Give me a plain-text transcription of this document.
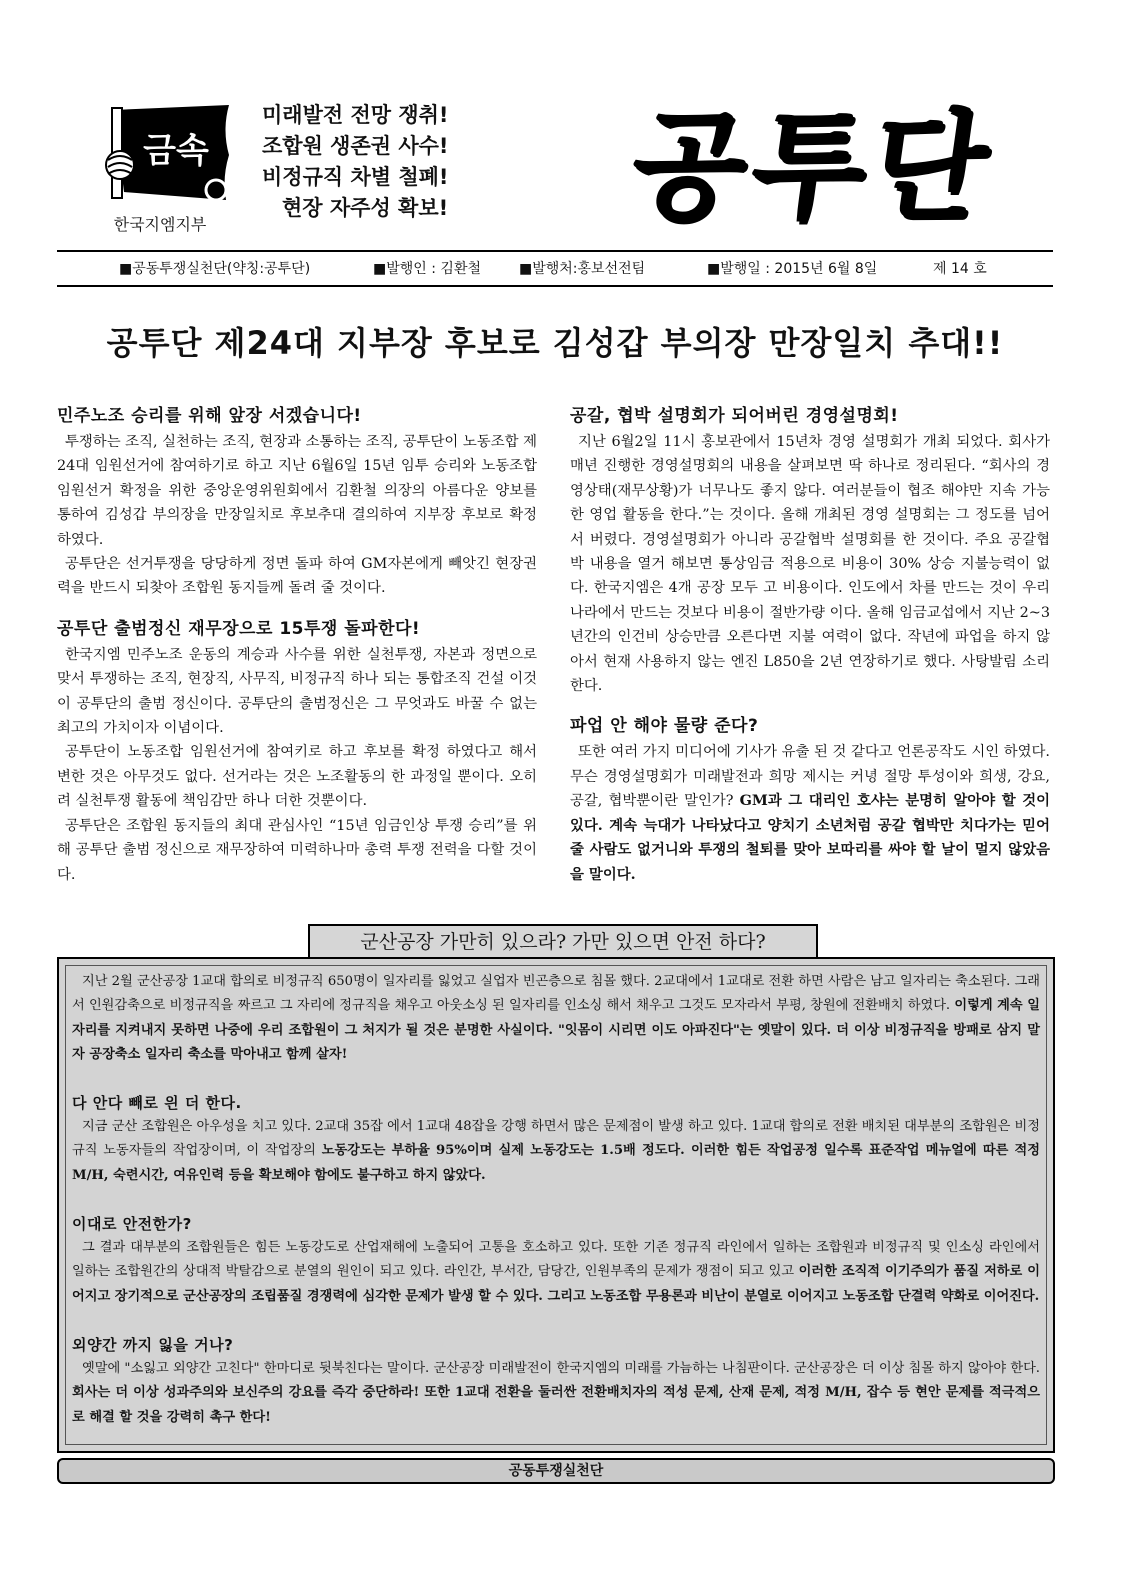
금속
한국지엠지부
미래발전 전망 쟁취!
조합원 생존권 사수!
비정규직 차별 철폐!
현장 자주성 확보!	공투단
■공동투쟁실천단(약칭:공투단)	■발행인 : 김환철	■발행처:홍보선전팀	■발행일 : 2015년 6월 8일	제 14 호
공투단 제24대 지부장 후보로 김성갑 부의장 만장일치 추대!!
민주노조 승리를 위해 앞장 서겠습니다!

투쟁하는 조직, 실천하는 조직, 현장과 소통하는 조직, 공투단이 노동조합 제24대 임원선거에 참여하기로 하고 지난 6월6일 15년 임투 승리와 노동조합 임원선거 확정을 위한 중앙운영위원회에서 김환철 의장의 아름다운 양보를 통하여 김성갑 부의장을 만장일치로 후보추대 결의하여 지부장 후보로 확정 하였다.

공투단은 선거투쟁을 당당하게 정면 돌파 하여 GM자본에게 빼앗긴 현장권력을 반드시 되찾아 조합원 동지들께 돌려 줄 것이다.

공투단 출범정신 재무장으로 15투쟁 돌파한다!

한국지엠 민주노조 운동의 계승과 사수를 위한 실천투쟁, 자본과 정면으로 맞서 투쟁하는 조직, 현장직, 사무직, 비정규직 하나 되는 통합조직 건설 이것이 공투단의 출범 정신이다. 공투단의 출범정신은 그 무엇과도 바꿀 수 없는 최고의 가치이자 이념이다.

공투단이 노동조합 임원선거에 참여키로 하고 후보를 확정 하였다고 해서 변한 것은 아무것도 없다. 선거라는 것은 노조활동의 한 과정일 뿐이다. 오히려 실천투쟁 활동에 책임감만 하나 더한 것뿐이다.

공투단은 조합원 동지들의 최대 관심사인 “15년 임금인상 투쟁 승리”를 위해 공투단 출범 정신으로 재무장하여 미력하나마 총력 투쟁 전력을 다할 것이다.

공갈, 협박 설명회가 되어버린 경영설명회!

지난 6월2일 11시 홍보관에서 15년차 경영 설명회가 개최 되었다. 회사가 매년 진행한 경영설명회의 내용을 살펴보면 딱 하나로 정리된다. “회사의 경영상태(재무상황)가 너무나도 좋지 않다. 여러분들이 협조 해야만 지속 가능한 영업 활동을 한다.”는 것이다. 올해 개최된 경영 설명회는 그 정도를 넘어서 버렸다. 경영설명회가 아니라 공갈협박 설명회를 한 것이다. 주요 공갈협박 내용을 열거 해보면 통상임금 적용으로 비용이 30% 상승 지불능력이 없다. 한국지엠은 4개 공장 모두 고 비용이다. 인도에서 차를 만드는 것이 우리나라에서 만드는 것보다 비용이 절반가량 이다. 올해 임금교섭에서 지난 2~3년간의 인건비 상승만큼 오른다면 지불 여력이 없다. 작년에 파업을 하지 않아서 현재 사용하지 않는 엔진 L850을 2년 연장하기로 했다. 사탕발림 소리 한다.

파업 안 해야 물량 준다?

또한 여러 가지 미디어에 기사가 유출 된 것 같다고 언론공작도 시인 하였다. 무슨 경영설명회가 미래발전과 희망 제시는 커녕 절망 투성이와 희생, 강요, 공갈, 협박뿐이란 말인가? GM과 그 대리인 호샤는 분명히 알아야 할 것이 있다. 계속 늑대가 나타났다고 양치기 소년처럼 공갈 협박만 치다가는 믿어줄 사람도 없거니와 투쟁의 철퇴를 맞아 보따리를 싸야 할 날이 멀지 않았음을 말이다.

군산공장 가만히 있으라? 가만 있으면 안전 하다?

지난 2월 군산공장 1교대 합의로 비정규직 650명이 일자리를 잃었고 실업자 빈곤층으로 침몰 했다. 2교대에서 1교대로 전환 하면 사람은 남고 일자리는 축소된다. 그래서 인원감축으로 비정규직을 짜르고 그 자리에 정규직을 채우고 아웃소싱 된 일자리를 인소싱 해서 채우고 그것도 모자라서 부평, 창원에 전환배치 하였다. 이렇게 계속 일자리를 지켜내지 못하면 나중에 우리 조합원이 그 처지가 될 것은 분명한 사실이다. "잇몸이 시리면 이도 아파진다"는 옛말이 있다. 더 이상 비정규직을 방패로 삼지 말자 공장축소 일자리 축소를 막아내고 함께 살자!

다 안다 빼로 읜 더 한다.

지금 군산 조합원은 아우성을 치고 있다. 2교대 35잡 에서 1교대 48잡을 강행 하면서 많은 문제점이 발생 하고 있다. 1교대 합의로 전환 배치된 대부분의 조합원은 비정규직 노동자들의 작업장이며, 이 작업장의 노동강도는 부하율 95%이며 실제 노동강도는 1.5배 정도다. 이러한 힘든 작업공정 일수록 표준작업 메뉴얼에 따른 적정 M/H, 숙련시간, 여유인력 등을 확보해야 함에도 불구하고 하지 않았다.

이대로 안전한가?

그 결과 대부분의 조합원들은 힘든 노동강도로 산업재해에 노출되어 고통을 호소하고 있다. 또한 기존 정규직 라인에서 일하는 조합원과 비정규직 및 인소싱 라인에서 일하는 조합원간의 상대적 박탈감으로 분열의 원인이 되고 있다. 라인간, 부서간, 담당간, 인원부족의 문제가 쟁점이 되고 있고 이러한 조직적 이기주의가 품질 저하로 이어지고 장기적으로 군산공장의 조립품질 경쟁력에 심각한 문제가 발생 할 수 있다. 그리고 노동조합 무용론과 비난이 분열로 이어지고 노동조합 단결력 약화로 이어진다.

외양간 까지 잃을 거나?

옛말에 "소잃고 외양간 고친다" 한마디로 뒷북친다는 말이다. 군산공장 미래발전이 한국지엠의 미래를 가늠하는 나침판이다. 군산공장은 더 이상 침몰 하지 않아야 한다. 회사는 더 이상 성과주의와 보신주의 강요를 즉각 중단하라! 또한 1교대 전환을 둘러싼 전환배치자의 적성 문제, 산재 문제, 적정 M/H, 잡수 등 현안 문제를 적극적으로 해결 할 것을 강력히 촉구 한다!

공동투쟁실천단
